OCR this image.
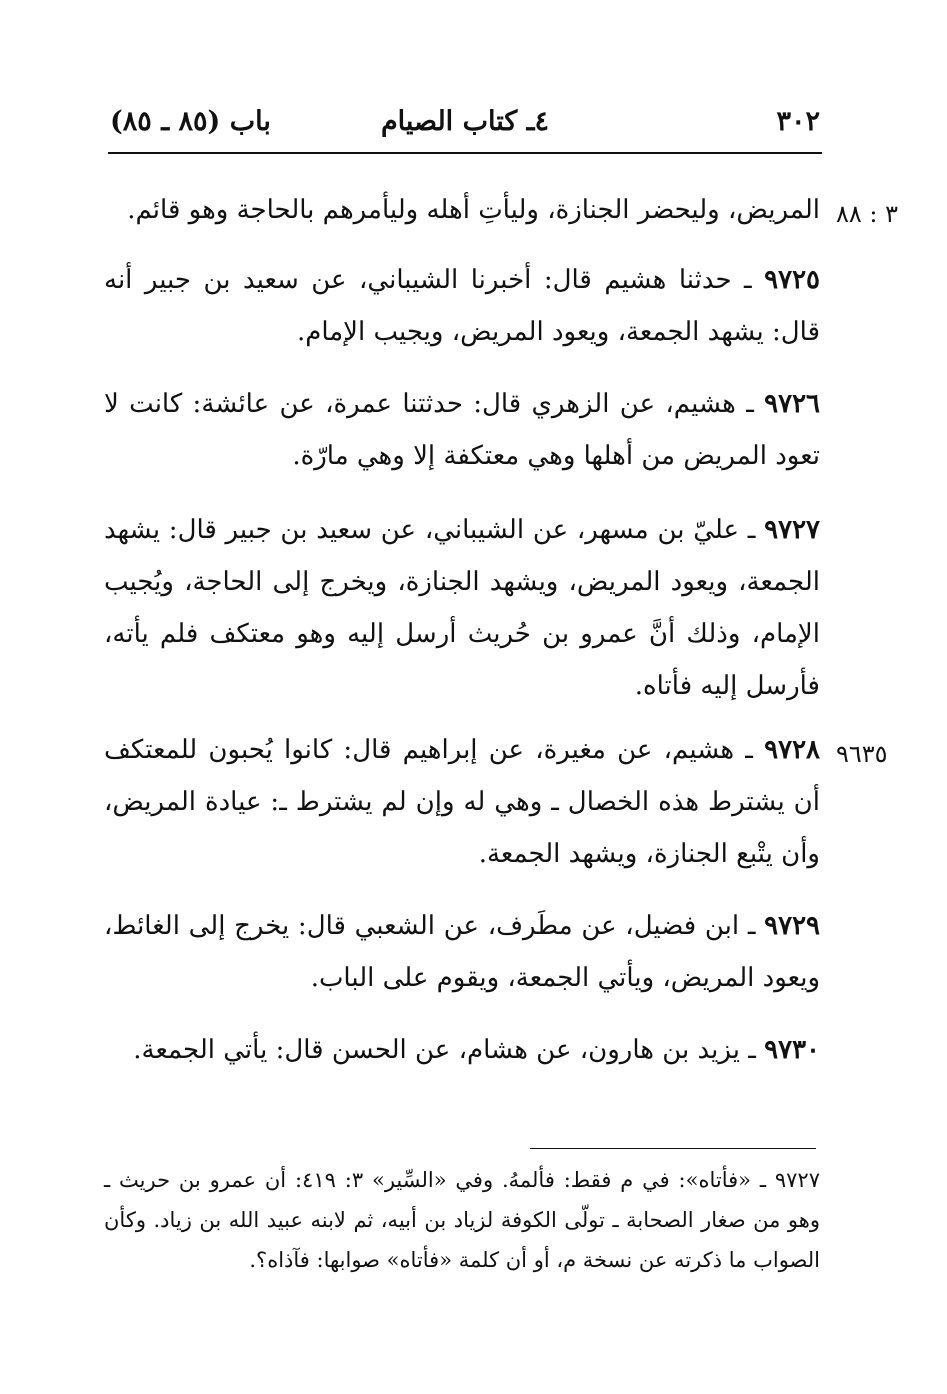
٣٠٢
٤ـ كتاب الصيام
باب (٨٥ ـ ٨٥)
٣ : ٨٨
المريض، وليحضر الجنازة، وليأتِ أهله وليأمرهم بالحاجة وهو قائم.
٩٧٢٥ ـ حدثنا هشيم قال: أخبرنا الشيباني، عن سعيد بن جبير أنه قال: يشهد الجمعة، ويعود المريض، ويجيب الإمام.
٩٧٢٦ ـ هشيم، عن الزهري قال: حدثتنا عمرة، عن عائشة: كانت لا تعود المريض من أهلها وهي معتكفة إلا وهي مارّة.
٩٧٢٧ ـ عليّ بن مسهر، عن الشيباني، عن سعيد بن جبير قال: يشهد الجمعة، ويعود المريض، ويشهد الجنازة، ويخرج إلى الحاجة، ويُجيب الإمام، وذلك أنَّ عمرو بن حُريث أرسل إليه وهو معتكف فلم يأته، فأرسل إليه فأتاه.
٩٦٣٥
٩٧٢٨ ـ هشيم، عن مغيرة، عن إبراهيم قال: كانوا يُحبون للمعتكف أن يشترط هذه الخصال ـ وهي له وإن لم يشترط ـ: عيادة المريض، وأن يتْبع الجنازة، ويشهد الجمعة.
٩٧٢٩ ـ ابن فضيل، عن مطَرف، عن الشعبي قال: يخرج إلى الغائط، ويعود المريض، ويأتي الجمعة، ويقوم على الباب.
٩٧٣٠ ـ يزيد بن هارون، عن هشام، عن الحسن قال: يأتي الجمعة.
٩٧٢٧ ـ «فأتاه»: في م فقط: فألمهُ. وفي «السِّير» ٣: ٤١٩: أن عمرو بن حريث ـ وهو من صغار الصحابة ـ تولّى الكوفة لزياد بن أبيه، ثم لابنه عبيد الله بن زياد. وكأن الصواب ما ذكرته عن نسخة م، أو أن كلمة «فأتاه» صوابها: فآذاه؟.
